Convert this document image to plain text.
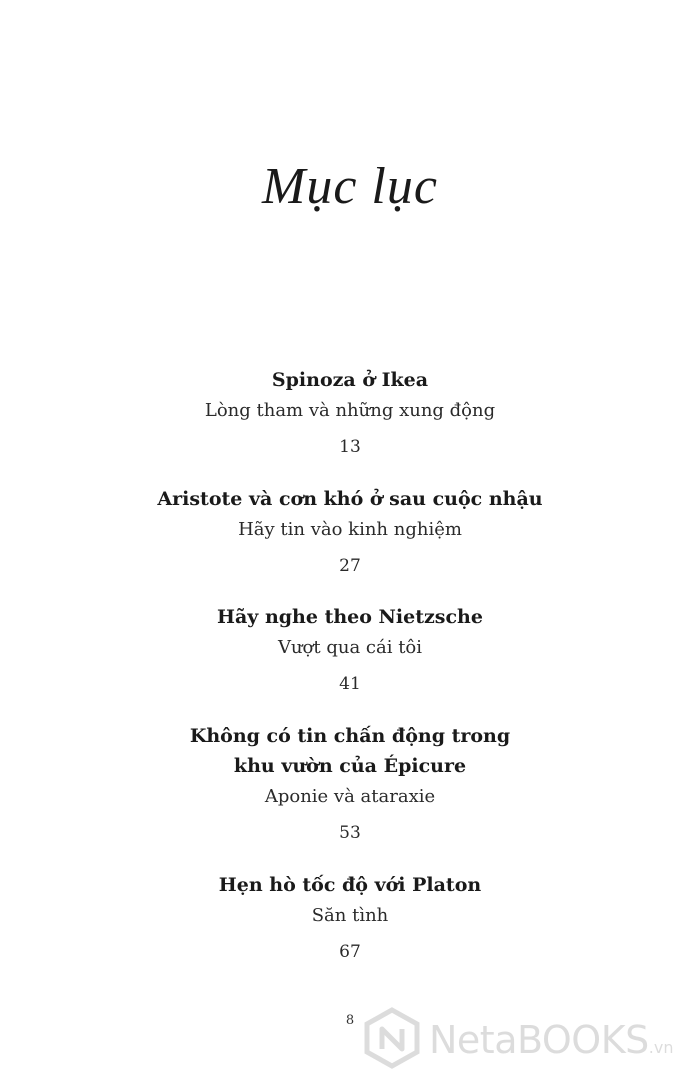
Mục lục
Spinoza ở Ikea
Lòng tham và những xung động
13
Aristote và cơn khó ở sau cuộc nhậu
Hãy tin vào kinh nghiệm
27
Hãy nghe theo Nietzsche
Vượt qua cái tôi
41
Không có tin chấn động trong
khu vườn của Épicure
Aponie và ataraxie
53
Hẹn hò tốc độ với Platon
Săn tình
67
8	NetaBOOKS .vn
